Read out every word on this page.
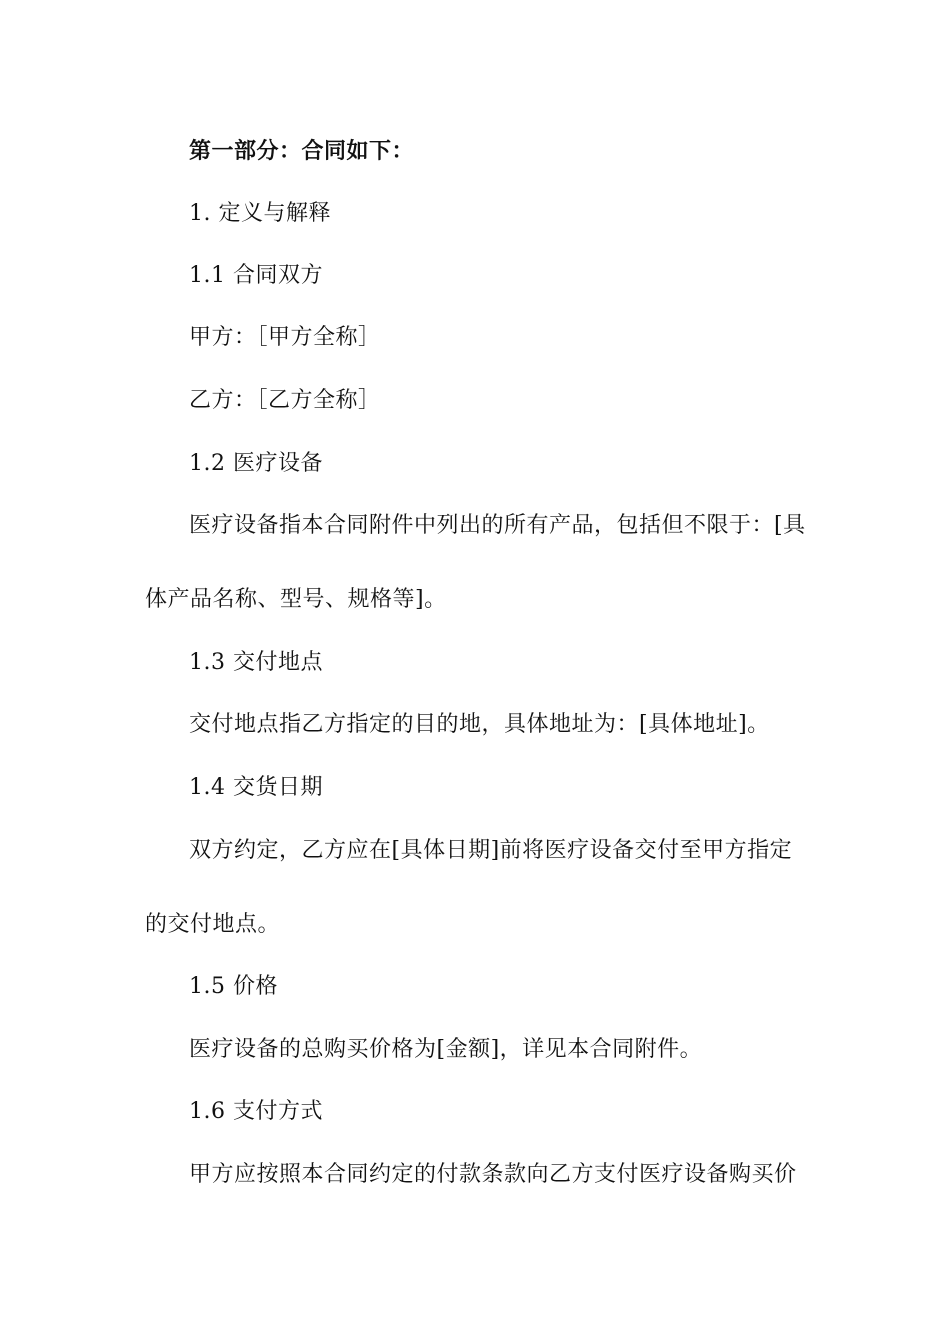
第一部分：合同如下：
1. 定义与解释
1.1 合同双方
甲方：［甲方全称］
乙方：［乙方全称］
1.2 医疗设备
医疗设备指本合同附件中列出的所有产品，包括但不限于：[具
体产品名称、型号、规格等]。
1.3 交付地点
交付地点指乙方指定的目的地，具体地址为：[具体地址]。
1.4 交货日期
双方约定，乙方应在[具体日期]前将医疗设备交付至甲方指定
的交付地点。
1.5 价格
医疗设备的总购买价格为[金额]，详见本合同附件。
1.6 支付方式
甲方应按照本合同约定的付款条款向乙方支付医疗设备购买价
